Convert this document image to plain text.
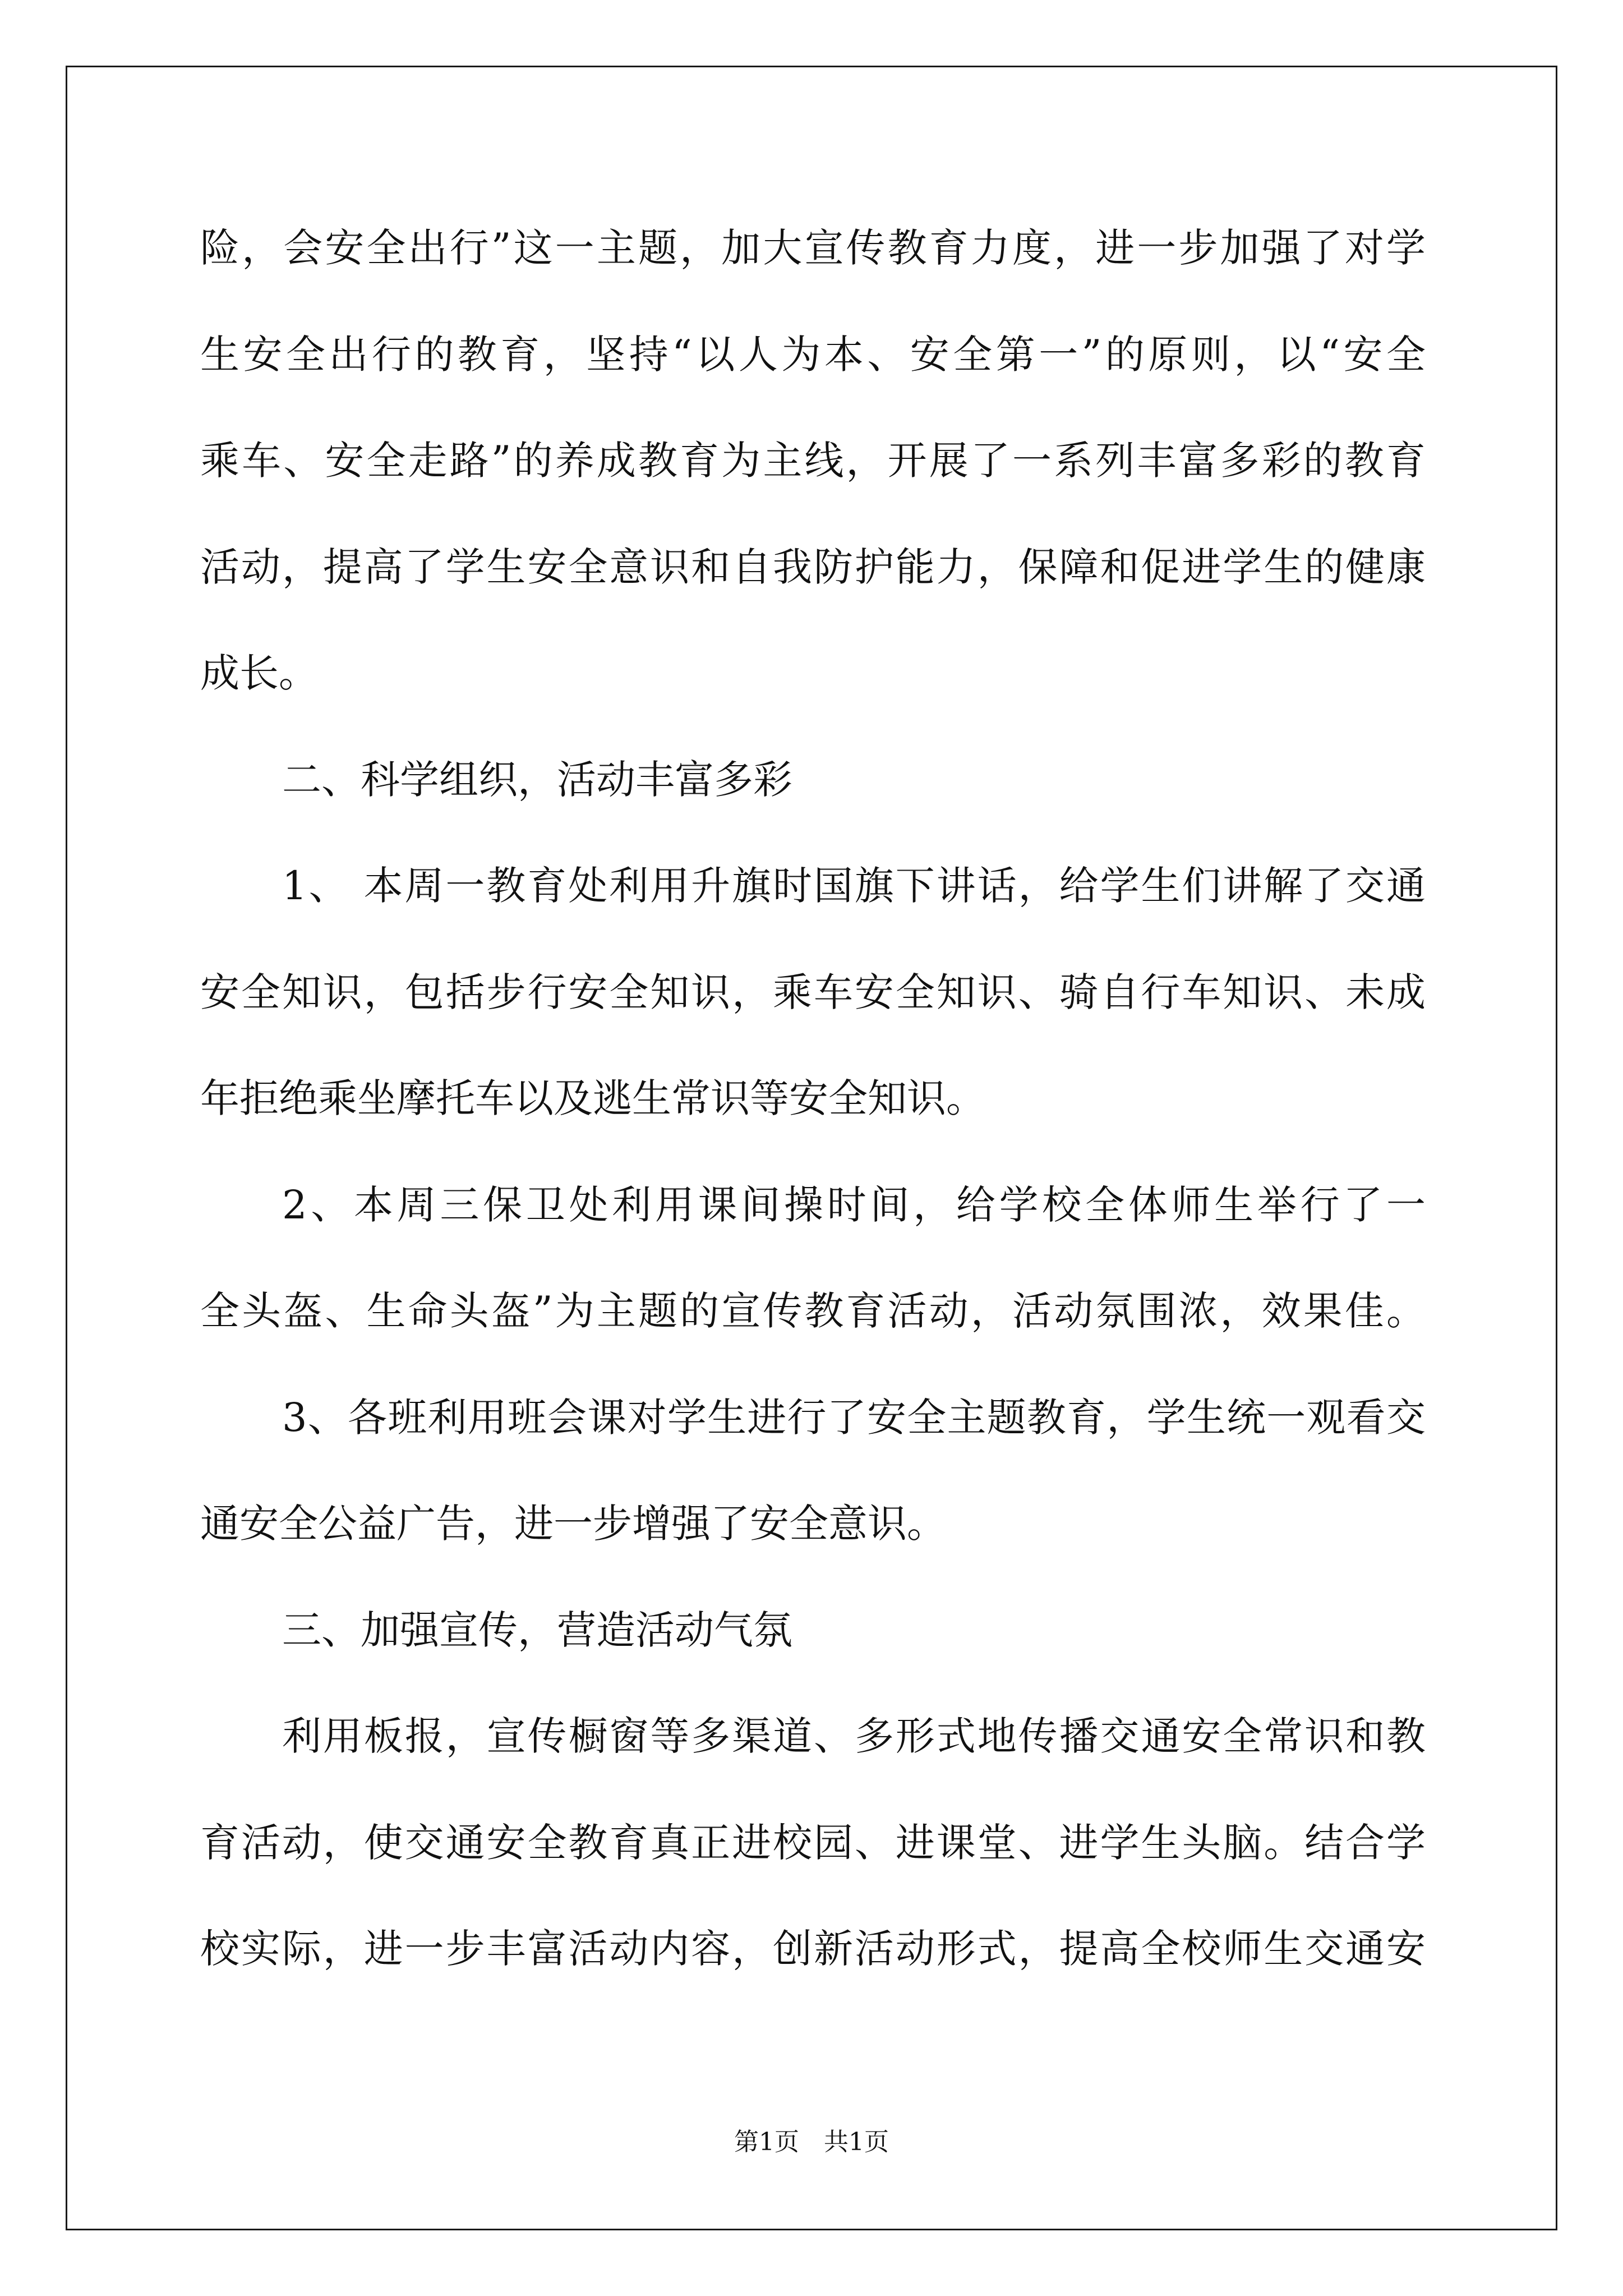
险，会安全出行”这一主题，加大宣传教育力度，进一步加强了对学
生安全出行的教育，坚持“以人为本、安全第一”的原则，以“安全
乘车、安全走路”的养成教育为主线，开展了一系列丰富多彩的教育
活动，提高了学生安全意识和自我防护能力，保障和促进学生的健康
成长。
二、科学组织，活动丰富多彩
1、 本周一教育处利用升旗时国旗下讲话，给学生们讲解了交通
安全知识，包括步行安全知识，乘车安全知识、骑自行车知识、未成
年拒绝乘坐摩托车以及逃生常识等安全知识。
2、本周三保卫处利用课间操时间，给学校全体师生举行了一
全头盔、生命头盔”为主题的宣传教育活动，活动氛围浓，效果佳。
3、各班利用班会课对学生进行了安全主题教育，学生统一观看交
通安全公益广告，进一步增强了安全意识。
三、加强宣传，营造活动气氛
利用板报，宣传橱窗等多渠道、多形式地传播交通安全常识和教
育活动，使交通安全教育真正进校园、进课堂、进学生头脑。结合学
校实际，进一步丰富活动内容，创新活动形式，提高全校师生交通安
第1页　共1页
